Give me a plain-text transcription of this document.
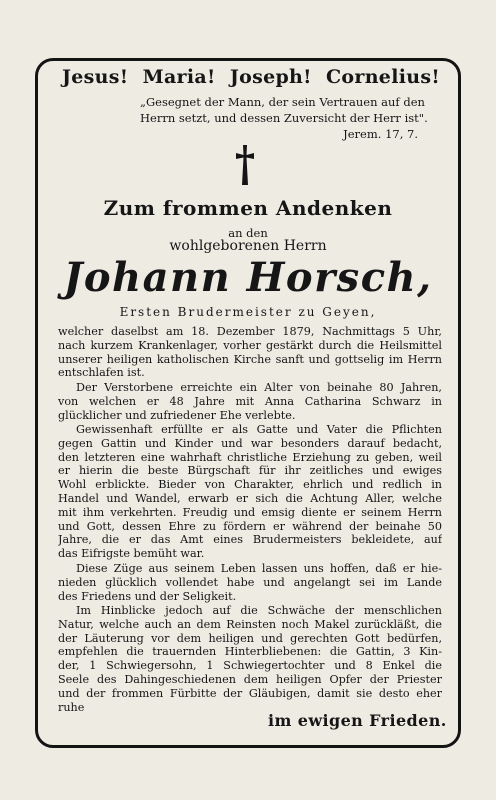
Jesus! Maria! Joseph! Cornelius!
„Gesegnet der Mann, der sein Vertrauen auf den
Herrn setzt, und dessen Zuversicht der Herr ist".
Jerem. 17, 7.
Zum frommen Andenken
an den
wohlgeborenen Herrn
Johann Horsch,
Ersten Brudermeister zu Geyen,
welcher daselbst am 18. Dezember 1879, Nachmittags 5 Uhr,
nach kurzem Krankenlager, vorher gestärkt durch die Heilsmittel
unserer heiligen katholischen Kirche sanft und gottselig im Herrn
entschlafen ist.
Der Verstorbene erreichte ein Alter von beinahe 80 Jahren,
von welchen er 48 Jahre mit Anna Catharina Schwarz in
glücklicher und zufriedener Ehe verlebte.
Gewissenhaft erfüllte er als Gatte und Vater die Pflichten
gegen Gattin und Kinder und war besonders darauf bedacht,
den letzteren eine wahrhaft christliche Erziehung zu geben, weil
er hierin die beste Bürgschaft für ihr zeitliches und ewiges
Wohl erblickte. Bieder von Charakter, ehrlich und redlich in
Handel und Wandel, erwarb er sich die Achtung Aller, welche
mit ihm verkehrten. Freudig und emsig diente er seinem Herrn
und Gott, dessen Ehre zu fördern er während der beinahe 50
Jahre, die er das Amt eines Brudermeisters bekleidete, auf
das Eifrigste bemüht war.
Diese Züge aus seinem Leben lassen uns hoffen, daß er hie-
nieden glücklich vollendet habe und angelangt sei im Lande
des Friedens und der Seligkeit.
Im Hinblicke jedoch auf die Schwäche der menschlichen
Natur, welche auch an dem Reinsten noch Makel zurückläßt, die
der Läuterung vor dem heiligen und gerechten Gott bedürfen,
empfehlen die trauernden Hinterbliebenen: die Gattin, 3 Kin-
der, 1 Schwiegersohn, 1 Schwiegertochter und 8 Enkel die
Seele des Dahingeschiedenen dem heiligen Opfer der Priester
und der frommen Fürbitte der Gläubigen, damit sie desto eher
ruhe
im ewigen Frieden.
